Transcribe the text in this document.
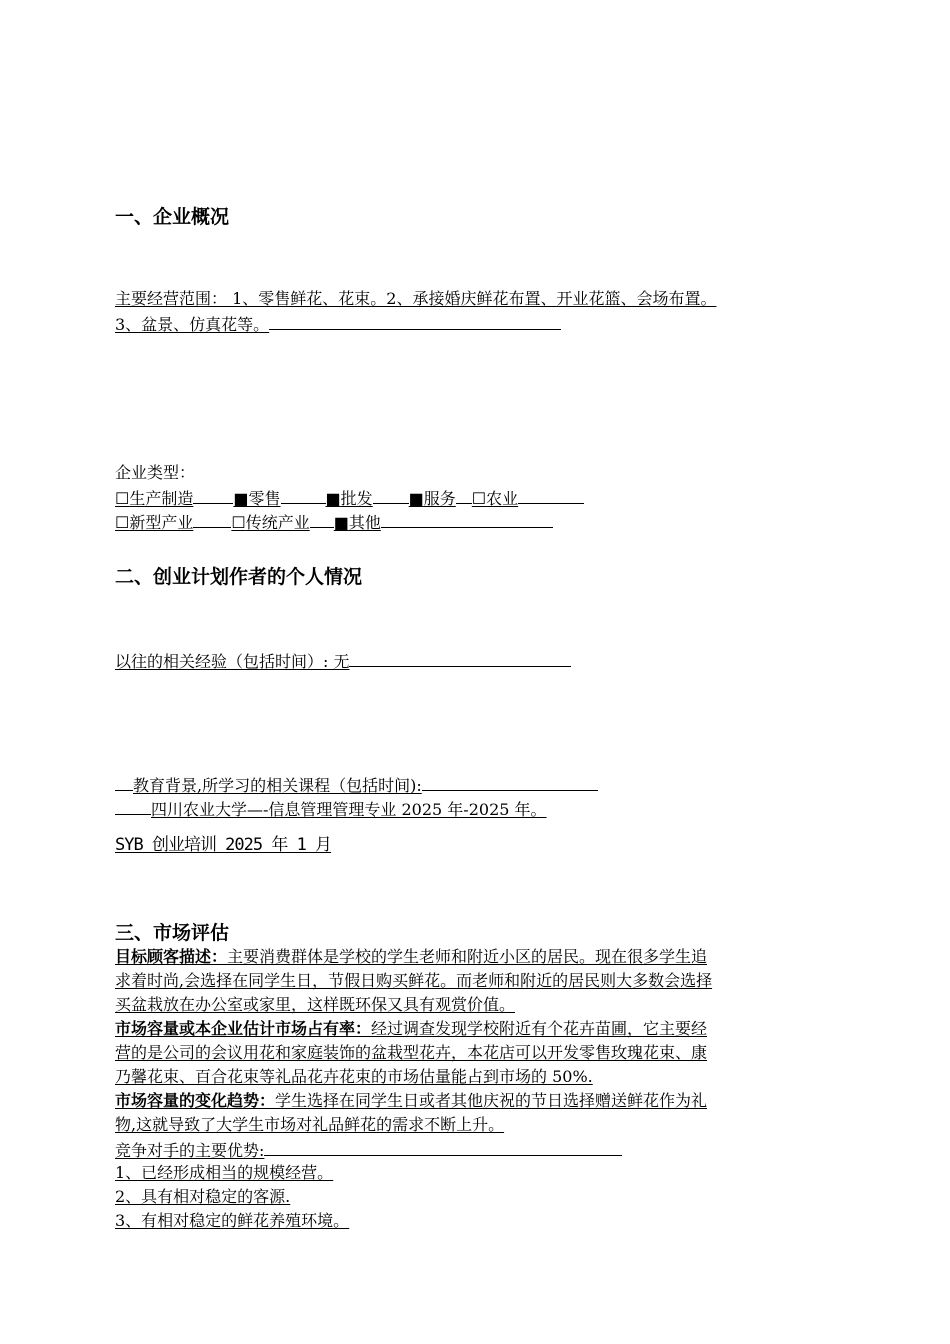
一、企业概况
主要经营范围： 1、零售鲜花、花束。2、承接婚庆鲜花布置、开业花篮、会场布置。
3、盆景、仿真花等。
企业类型：
☐生产制造	■零售	■批发 ■服务 ☐农业
☐新型产业 ☐传统产业 ■其他
二、创业计划作者的个人情况
以往的相关经验（包括时间）: 无
教育背景,所学习的相关课程（包括时间):
四川农业大学—-信息管理管理专业 2025 年-2025 年。
SYB 创业培训 2025 年 1 月
三、市场评估
目标顾客描述：主要消费群体是学校的学生老师和附近小区的居民。现在很多学生追
求着时尚,会选择在同学生日，节假日购买鲜花。而老师和附近的居民则大多数会选择
买盆栽放在办公室或家里，这样既环保又具有观赏价值。
市场容量或本企业估计市场占有率：经过调查发现学校附近有个花卉苗圃，它主要经
营的是公司的会议用花和家庭装饰的盆栽型花卉，本花店可以开发零售玫瑰花束、康
乃馨花束、百合花束等礼品花卉花束的市场估量能占到市场的 50%.
市场容量的变化趋势：学生选择在同学生日或者其他庆祝的节日选择赠送鲜花作为礼
物,这就导致了大学生市场对礼品鲜花的需求不断上升。
竞争对手的主要优势:
1、已经形成相当的规模经营。
2、具有相对稳定的客源.
3、有相对稳定的鲜花养殖环境。
